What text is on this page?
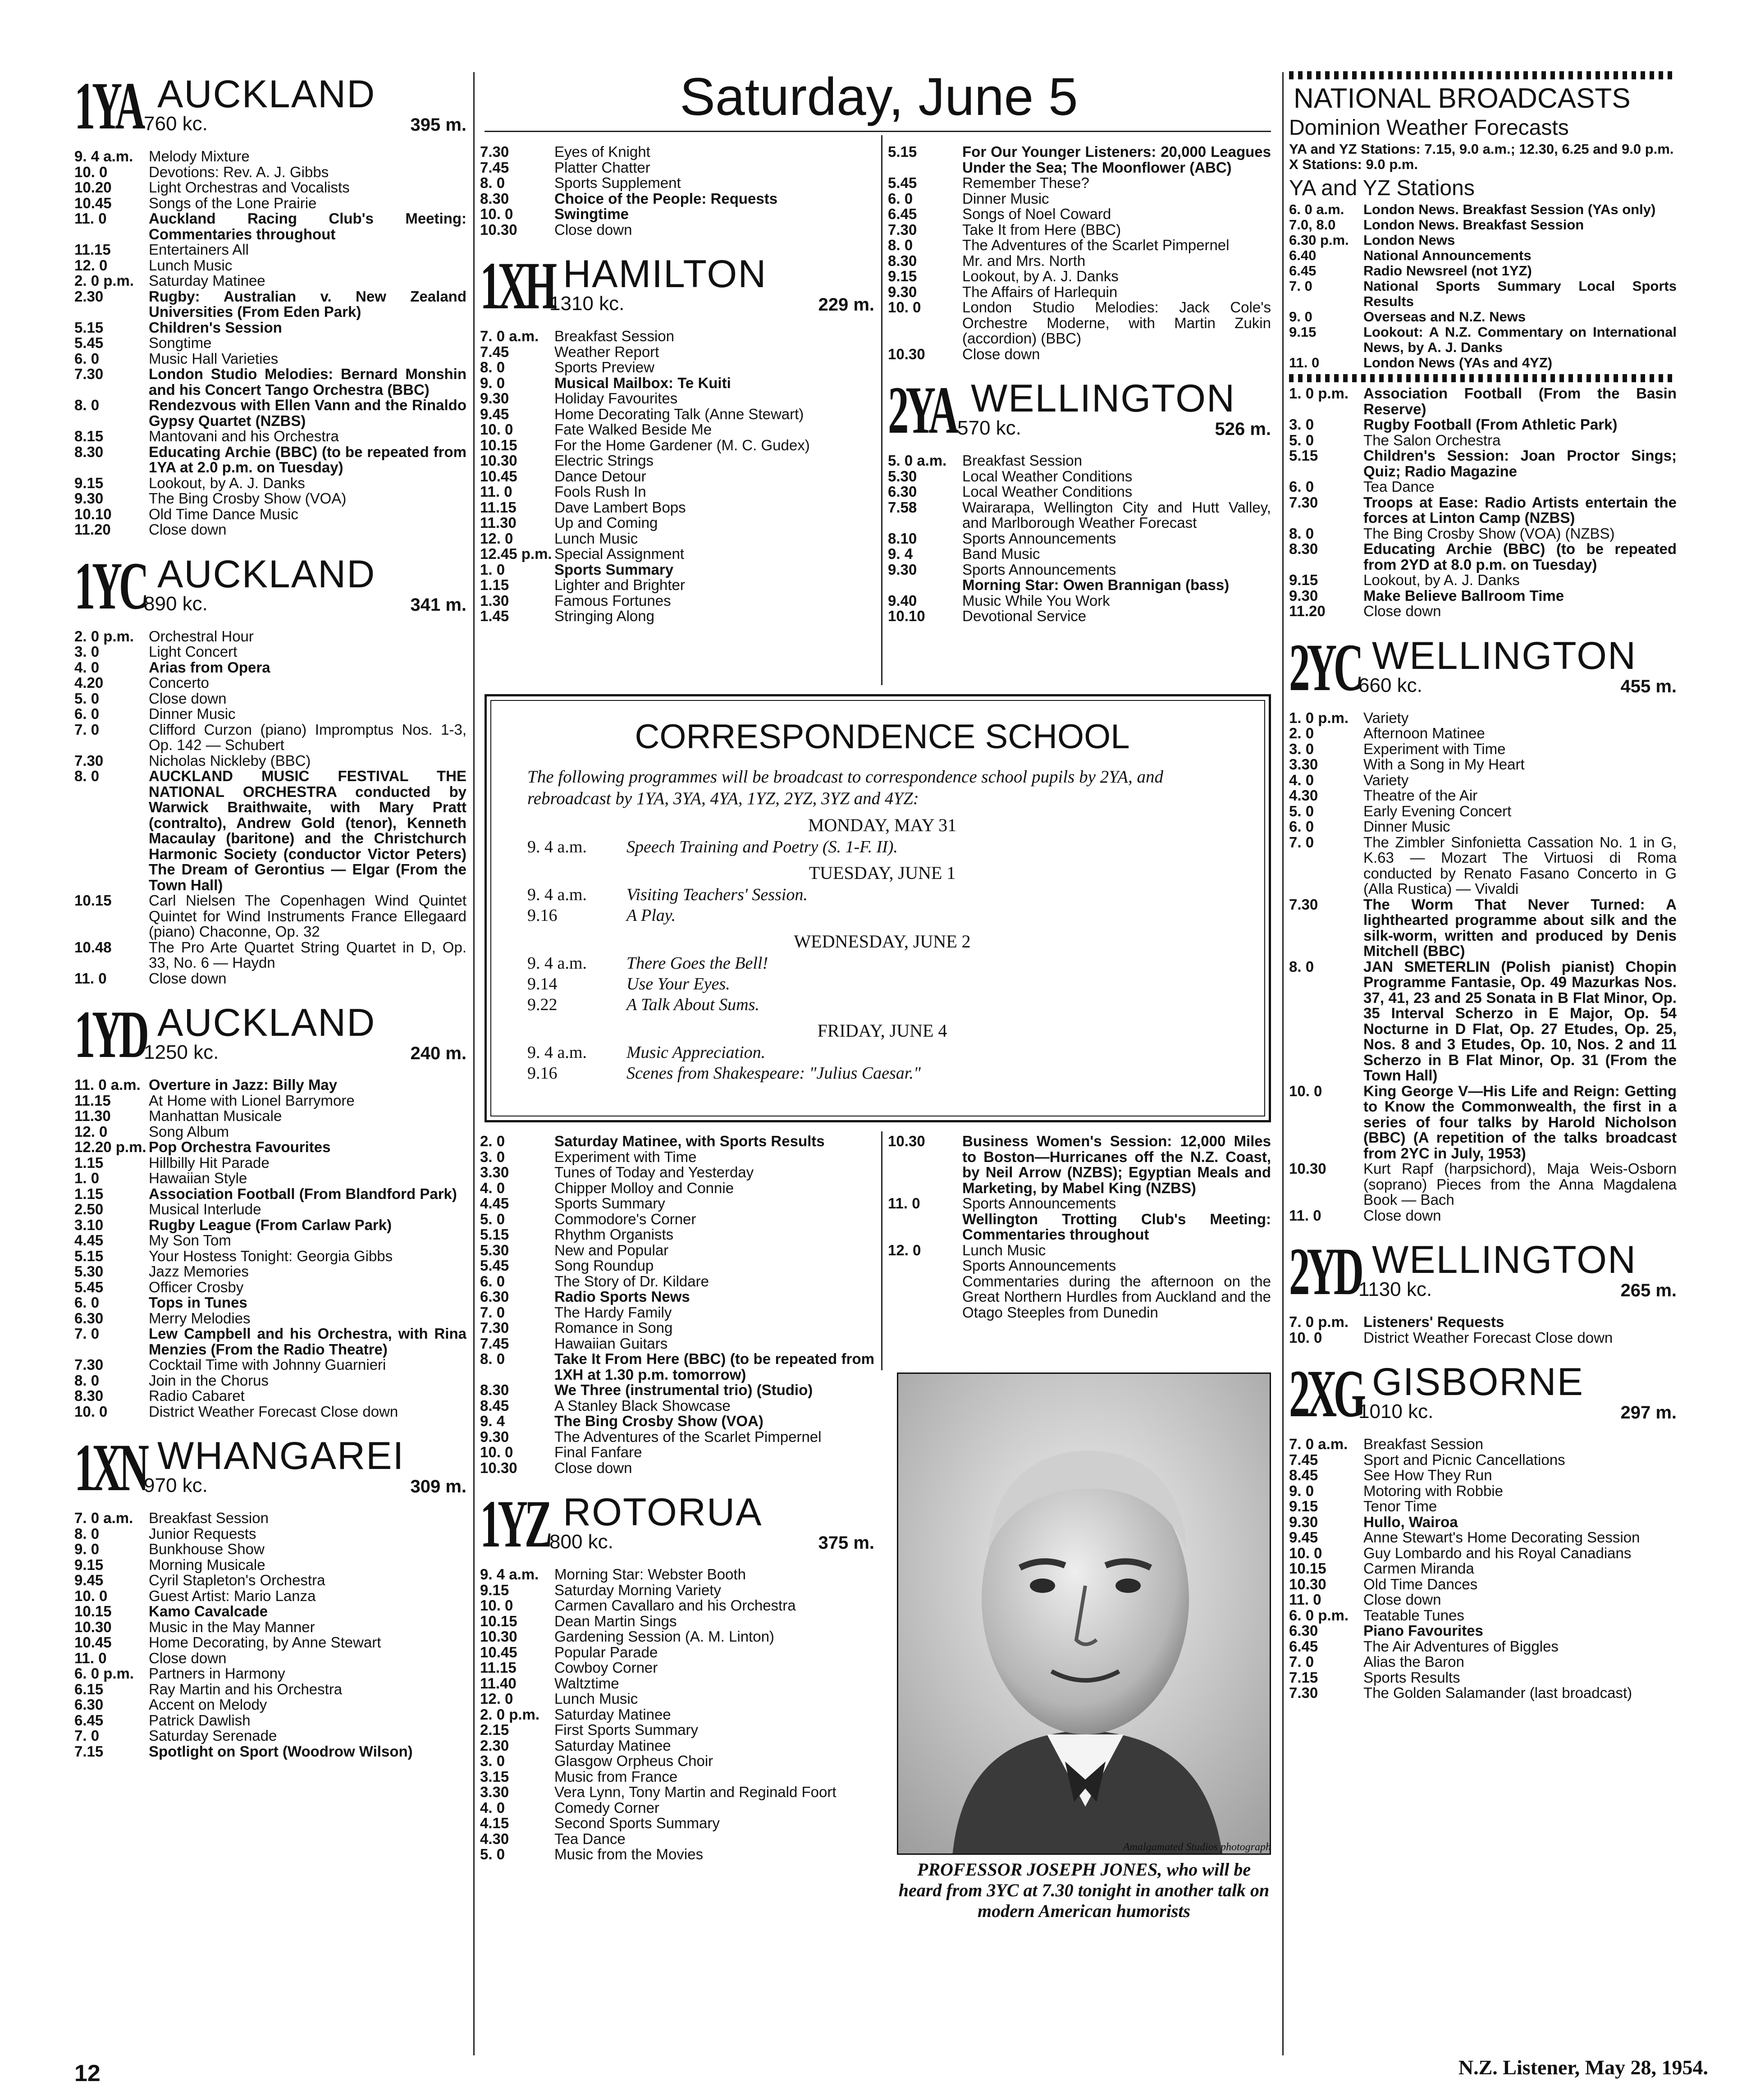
Saturday, June 5
1YA AUCKLAND
760 kc.	395 m.
9. 4 a.m.	Melody Mixture
10. 0	Devotions: Rev. A. J. Gibbs
10.20	Light Orchestras and Vocalists
10.45	Songs of the Lone Prairie
11. 0	Auckland Racing Club's Meeting: Commentaries throughout
11.15	Entertainers All
12. 0	Lunch Music
2. 0 p.m. Saturday Matinee
2.30	Rugby: Australian v. New Zealand Universities (From Eden Park)
5.15	Children's Session
5.45	Songtime
6. 0	Music Hall Varieties
7.30	London Studio Melodies: Bernard Monshin and his Concert Tango Orchestra (BBC)
8. 0	Rendezvous with Ellen Vann and the Rinaldo Gypsy Quartet (NZBS)
8.15	Mantovani and his Orchestra
8.30	Educating Archie (BBC) (to be repeated from 1YA at 2.0 p.m. on Tuesday)
9.15	Lookout, by A. J. Danks
9.30	The Bing Crosby Show (VOA)
10.10	Old Time Dance Music
11.20	Close down
1YC AUCKLAND
890 kc.	341 m.
2. 0 p.m. Orchestral Hour
3. 0	Light Concert
4. 0	Arias from Opera
4.20	Concerto
5. 0	Close down
6. 0	Dinner Music
7. 0	Clifford Curzon (piano) Impromptus Nos. 1-3, Op. 142 — Schubert
7.30	Nicholas Nickleby (BBC)
8. 0	AUCKLAND MUSIC FESTIVAL THE NATIONAL ORCHESTRA conducted by Warwick Braithwaite, with Mary Pratt (contralto), Andrew Gold (tenor), Kenneth Macaulay (baritone) and the Christchurch Harmonic Society (conductor Victor Peters) The Dream of Gerontius — Elgar (From the Town Hall)
10.15	Carl Nielsen The Copenhagen Wind Quintet Quintet for Wind Instruments France Ellegaard (piano) Chaconne, Op. 32
10.48	The Pro Arte Quartet String Quartet in D, Op. 33, No. 6 — Haydn
11. 0	Close down
1YD AUCKLAND
1250 kc.	240 m.
11. 0 a.m. Overture in Jazz: Billy May
11.15	At Home with Lionel Barrymore
11.30	Manhattan Musicale
12. 0	Song Album
12.20 p.m. Pop Orchestra Favourites
1.15	Hillbilly Hit Parade
1. 0	Hawaiian Style
1.15	Association Football (From Blandford Park)
2.50	Musical Interlude
3.10	Rugby League (From Carlaw Park)
4.45	My Son Tom
5.15	Your Hostess Tonight: Georgia Gibbs
5.30	Jazz Memories
5.45	Officer Crosby
6. 0	Tops in Tunes
6.30	Merry Melodies
7. 0	Lew Campbell and his Orchestra, with Rina Menzies (From the Radio Theatre)
7.30	Cocktail Time with Johnny Guarnieri
8. 0	Join in the Chorus
8.30	Radio Cabaret
10. 0	District Weather Forecast Close down
1XN WHANGAREI
970 kc.	309 m.
7. 0 a.m.	Breakfast Session
8. 0	Junior Requests
9. 0	Bunkhouse Show
9.15	Morning Musicale
9.45	Cyril Stapleton's Orchestra
10. 0	Guest Artist: Mario Lanza
10.15	Kamo Cavalcade
10.30	Music in the May Manner
10.45	Home Decorating, by Anne Stewart
11. 0	Close down
6. 0 p.m. Partners in Harmony
6.15	Ray Martin and his Orchestra
6.30	Accent on Melody
6.45	Patrick Dawlish
7. 0	Saturday Serenade
7.15	Spotlight on Sport (Woodrow Wilson)
7.30	Eyes of Knight
7.45	Platter Chatter
8. 0	Sports Supplement
8.30	Choice of the People: Requests
10. 0	Swingtime
10.30	Close down
1XH HAMILTON
1310 kc.	229 m.
7. 0 a.m.	Breakfast Session
7.45	Weather Report
8. 0	Sports Preview
9. 0	Musical Mailbox: Te Kuiti
9.30	Holiday Favourites
9.45	Home Decorating Talk (Anne Stewart)
10. 0	Fate Walked Beside Me
10.15	For the Home Gardener (M. C. Gudex)
10.30	Electric Strings
10.45	Dance Detour
11. 0	Fools Rush In
11.15	Dave Lambert Bops
11.30	Up and Coming
12. 0	Lunch Music
12.45 p.m. Special Assignment
1. 0	Sports Summary
1.15	Lighter and Brighter
1.30	Famous Fortunes
1.45	Stringing Along
5.15	For Our Younger Listeners: 20,000 Leagues Under the Sea; The Moonflower (ABC)
5.45	Remember These?
6. 0	Dinner Music
6.45	Songs of Noel Coward
7.30	Take It from Here (BBC)
8. 0	The Adventures of the Scarlet Pimpernel
8.30	Mr. and Mrs. North
9.15	Lookout, by A. J. Danks
9.30	The Affairs of Harlequin
10. 0	London Studio Melodies: Jack Cole's Orchestre Moderne, with Martin Zukin (accordion) (BBC)
10.30	Close down
2YA WELLINGTON
570 kc.	526 m.
5. 0 a.m.	Breakfast Session
5.30	Local Weather Conditions
6.30	Local Weather Conditions
7.58	Wairarapa, Wellington City and Hutt Valley, and Marlborough Weather Forecast
8.10	Sports Announcements
9. 4	Band Music
9.30	Sports Announcements
Morning Star: Owen Brannigan (bass)
9.40	Music While You Work
10.10	Devotional Service
2. 0	Saturday Matinee, with Sports Results
3. 0	Experiment with Time
3.30	Tunes of Today and Yesterday
4. 0	Chipper Molloy and Connie
4.45	Sports Summary
5. 0	Commodore's Corner
5.15	Rhythm Organists
5.30	New and Popular
5.45	Song Roundup
6. 0	The Story of Dr. Kildare
6.30	Radio Sports News
7. 0	The Hardy Family
7.30	Romance in Song
7.45	Hawaiian Guitars
8. 0	Take It From Here (BBC) (to be repeated from 1XH at 1.30 p.m. tomorrow)
8.30	We Three (instrumental trio) (Studio)
8.45	A Stanley Black Showcase
9. 4	The Bing Crosby Show (VOA)
9.30	The Adventures of the Scarlet Pimpernel
10. 0	Final Fanfare
10.30	Close down
1YZ ROTORUA
800 kc.	375 m.
9. 4 a.m.	Morning Star: Webster Booth
9.15	Saturday Morning Variety
10. 0	Carmen Cavallaro and his Orchestra
10.15	Dean Martin Sings
10.30	Gardening Session (A. M. Linton)
10.45	Popular Parade
11.15	Cowboy Corner
11.40	Waltztime
12. 0	Lunch Music
2. 0 p.m. Saturday Matinee
2.15	First Sports Summary
2.30	Saturday Matinee
3. 0	Glasgow Orpheus Choir
3.15	Music from France
3.30	Vera Lynn, Tony Martin and Reginald Foort
4. 0	Comedy Corner
4.15	Second Sports Summary
4.30	Tea Dance
5. 0	Music from the Movies
10.30	Business Women's Session: 12,000 Miles to Boston—Hurricanes off the N.Z. Coast, by Neil Arrow (NZBS); Egyptian Meals and Marketing, by Mabel King (NZBS)
11. 0	Sports Announcements
Wellington Trotting Club's Meeting: Commentaries throughout
12. 0	Lunch Music
Sports Announcements
Commentaries during the afternoon on the Great Northern Hurdles from Auckland and the Otago Steeples from Dunedin
CORRESPONDENCE SCHOOL
The following programmes will be broadcast to correspondence school pupils by 2YA, and rebroadcast by 1YA, 3YA, 4YA, 1YZ, 2YZ, 3YZ and 4YZ:
MONDAY, MAY 31
9. 4 a.m.	Speech Training and Poetry (S. 1-F. II).
TUESDAY, JUNE 1
9. 4 a.m.	Visiting Teachers' Session.
9.16	A Play.
WEDNESDAY, JUNE 2
9. 4 a.m.	There Goes the Bell!
9.14	Use Your Eyes.
9.22	A Talk About Sums.
FRIDAY, JUNE 4
9. 4 a.m.	Music Appreciation.
9.16	Scenes from Shakespeare: "Julius Caesar."
Amalgamated Studios photograph
PROFESSOR JOSEPH JONES, who will be heard from 3YC at 7.30 tonight in another talk on modern American humorists
NATIONAL BROADCASTS
Dominion Weather Forecasts
YA and YZ Stations: 7.15, 9.0 a.m.; 12.30, 6.25 and 9.0 p.m. X Stations: 9.0 p.m.
YA and YZ Stations
6. 0 a.m.	London News. Breakfast Session (YAs only)
7.0, 8.0	London News. Breakfast Session
6.30 p.m.	London News
6.40	National Announcements
6.45	Radio Newsreel (not 1YZ)
7. 0	National Sports Summary Local Sports Results
9. 0	Overseas and N.Z. News
9.15	Lookout: A N.Z. Commentary on International News, by A. J. Danks
11. 0	London News (YAs and 4YZ)
1. 0 p.m. Association Football (From the Basin Reserve)
3. 0	Rugby Football (From Athletic Park)
5. 0	The Salon Orchestra
5.15	Children's Session: Joan Proctor Sings; Quiz; Radio Magazine
6. 0	Tea Dance
7.30	Troops at Ease: Radio Artists entertain the forces at Linton Camp (NZBS)
8. 0	The Bing Crosby Show (VOA) (NZBS)
8.30	Educating Archie (BBC) (to be repeated from 2YD at 8.0 p.m. on Tuesday)
9.15	Lookout, by A. J. Danks
9.30	Make Believe Ballroom Time
11.20	Close down
2YC WELLINGTON
660 kc.	455 m.
1. 0 p.m. Variety
2. 0	Afternoon Matinee
3. 0	Experiment with Time
3.30	With a Song in My Heart
4. 0	Variety
4.30	Theatre of the Air
5. 0	Early Evening Concert
6. 0	Dinner Music
7. 0	The Zimbler Sinfonietta Cassation No. 1 in G, K.63 — Mozart The Virtuosi di Roma conducted by Renato Fasano Concerto in G (Alla Rustica) — Vivaldi
7.30	The Worm That Never Turned: A lighthearted programme about silk and the silk-worm, written and produced by Denis Mitchell (BBC)
8. 0	JAN SMETERLIN (Polish pianist) Chopin Programme Fantasie, Op. 49 Mazurkas Nos. 37, 41, 23 and 25 Sonata in B Flat Minor, Op. 35 Interval Scherzo in E Major, Op. 54 Nocturne in D Flat, Op. 27 Etudes, Op. 25, Nos. 8 and 3 Etudes, Op. 10, Nos. 2 and 11 Scherzo in B Flat Minor, Op. 31 (From the Town Hall)
10. 0	King George V—His Life and Reign: Getting to Know the Commonwealth, the first in a series of four talks by Harold Nicholson (BBC) (A repetition of the talks broadcast from 2YC in July, 1953)
10.30	Kurt Rapf (harpsichord), Maja Weis-Osborn (soprano) Pieces from the Anna Magdalena Book — Bach
11. 0	Close down
2YD WELLINGTON
1130 kc.	265 m.
7. 0 p.m. Listeners' Requests
10. 0	District Weather Forecast Close down
2XG GISBORNE
1010 kc.	297 m.
7. 0 a.m.	Breakfast Session
7.45	Sport and Picnic Cancellations
8.45	See How They Run
9. 0	Motoring with Robbie
9.15	Tenor Time
9.30	Hullo, Wairoa
9.45	Anne Stewart's Home Decorating Session
10. 0	Guy Lombardo and his Royal Canadians
10.15	Carmen Miranda
10.30	Old Time Dances
11. 0	Close down
6. 0 p.m. Teatable Tunes
6.30	Piano Favourites
6.45	The Air Adventures of Biggles
7. 0	Alias the Baron
7.15	Sports Results
7.30	The Golden Salamander (last broadcast)
12	N.Z. Listener, May 28, 1954.
